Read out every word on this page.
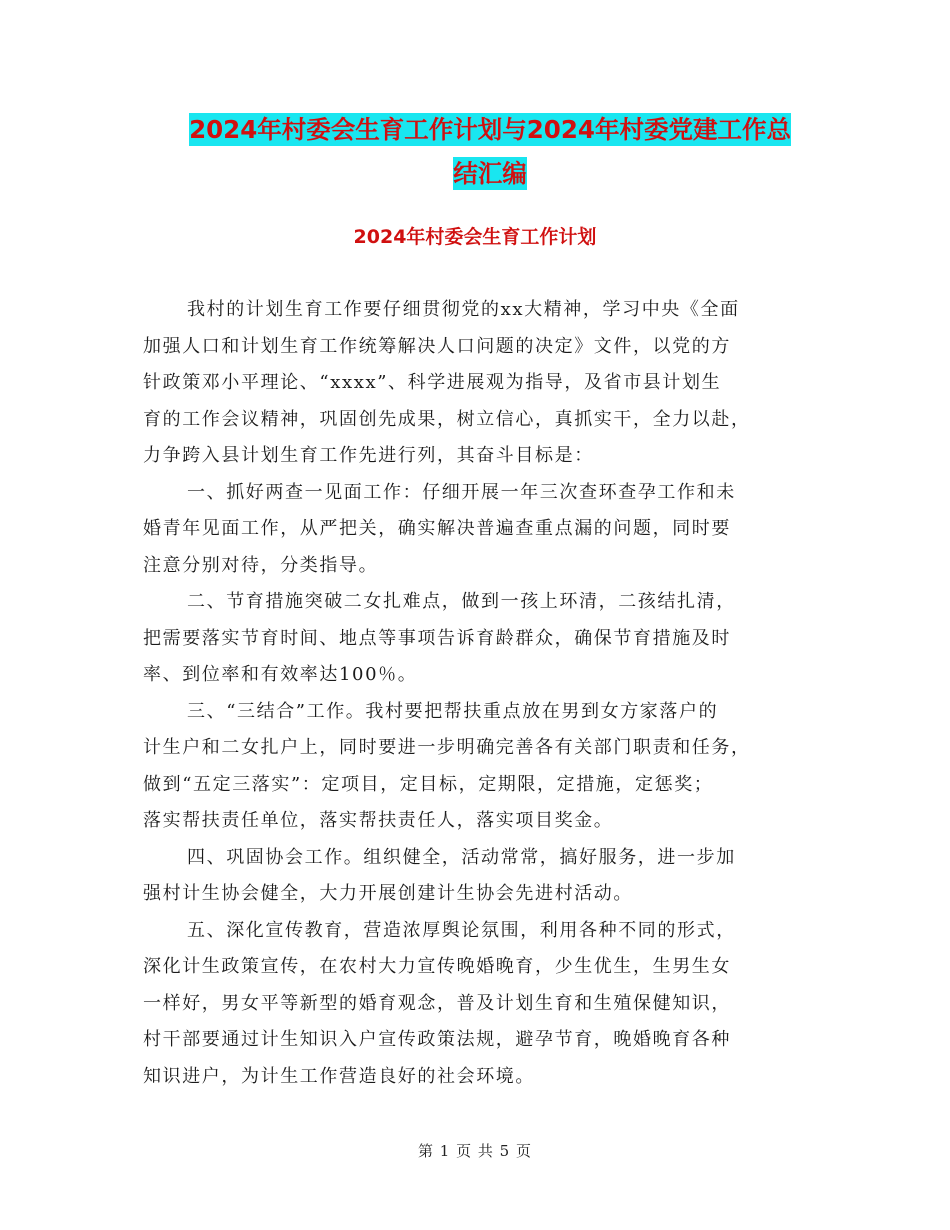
2024年村委会生育工作计划与2024年村委党建工作总
结汇编
2024年村委会生育工作计划

我村的计划生育工作要仔细贯彻党的xx大精神，学习中央《全面
加强人口和计划生育工作统筹解决人口问题的决定》文件，以党的方
针政策邓小平理论、“xxxx”、科学进展观为指导，及省市县计划生
育的工作会议精神，巩固创先成果，树立信心，真抓实干，全力以赴，
力争跨入县计划生育工作先进行列，其奋斗目标是：

一、抓好两查一见面工作：仔细开展一年三次查环查孕工作和未
婚青年见面工作，从严把关，确实解决普遍查重点漏的问题，同时要
注意分别对待，分类指导。

二、节育措施突破二女扎难点，做到一孩上环清，二孩结扎清，
把需要落实节育时间、地点等事项告诉育龄群众，确保节育措施及时
率、到位率和有效率达100％。

三、“三结合”工作。我村要把帮扶重点放在男到女方家落户的
计生户和二女扎户上，同时要进一步明确完善各有关部门职责和任务，
做到“五定三落实”：定项目，定目标，定期限，定措施，定惩奖；
落实帮扶责任单位，落实帮扶责任人，落实项目奖金。

四、巩固协会工作。组织健全，活动常常，搞好服务，进一步加
强村计生协会健全，大力开展创建计生协会先进村活动。

五、深化宣传教育，营造浓厚舆论氛围，利用各种不同的形式，
深化计生政策宣传，在农村大力宣传晚婚晚育，少生优生，生男生女
一样好，男女平等新型的婚育观念，普及计划生育和生殖保健知识，
村干部要通过计生知识入户宣传政策法规，避孕节育，晚婚晚育各种
知识进户，为计生工作营造良好的社会环境。

第 1 页 共 5 页
